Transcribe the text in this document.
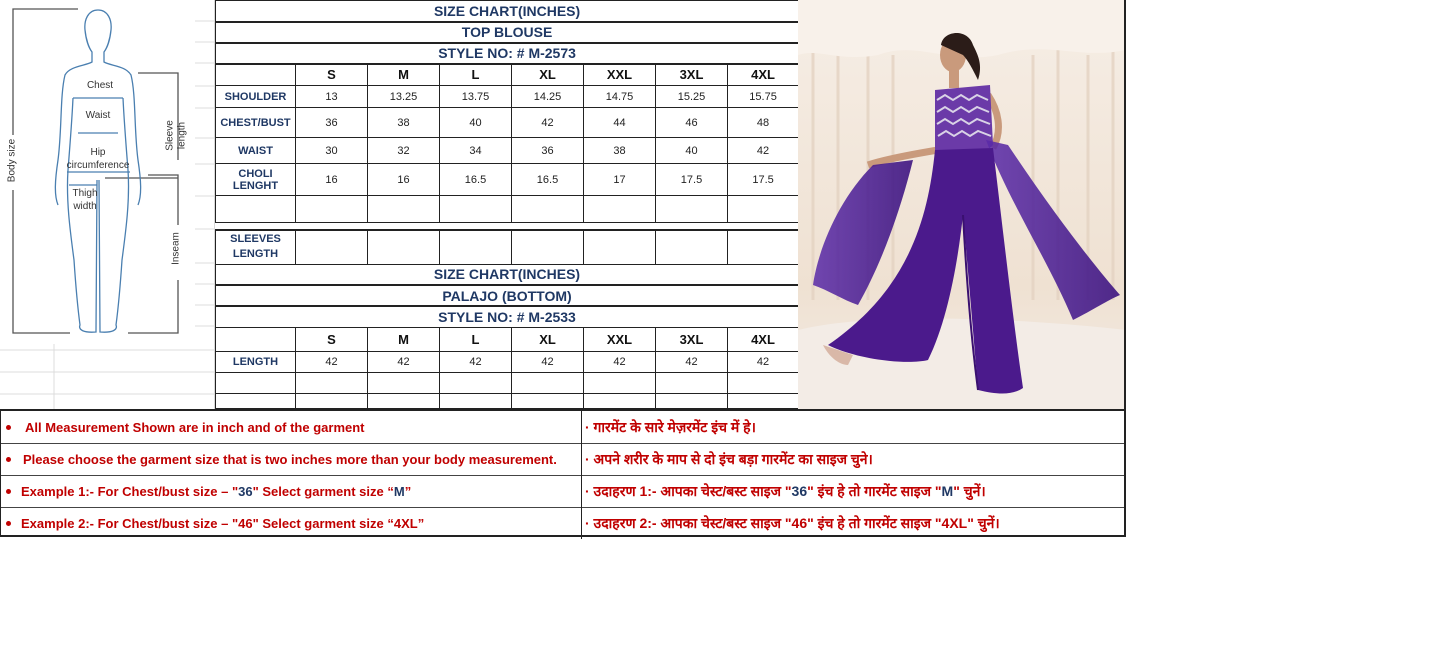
Chest
Waist
Hip
circumference
Thigh
width
Body size
Sleeve length
Inseam
SIZE CHART(INCHES)							
TOP BLOUSE							
STYLE NO: # M-2573							
	S	M	L	XL	XXL	3XL	4XL
SHOULDER	13	13.25	13.75	14.25	14.75	15.25	15.75
CHEST/BUST	36	38	40	42	44	46	48
WAIST	30	32	34	36	38	40	42
CHOLI LENGHT	16	16	16.5	16.5	17	17.5	17.5

SLEEVES
LENGTH							
SIZE CHART(INCHES)							
PALAJO (BOTTOM)							
STYLE NO: # M-2533							
	S	M	L	XL	XXL	3XL	4XL
LENGTH	42	42	42	42	42	42	42

All Measurement Shown are in inch and of the garment	· गारमेंट के सारे मेज़रमेंट इंच में हे।
Please choose the garment size that is two inches more than your body measurement. · अपने शरीर के माप से दो इंच बड़ा गारमेंट का साइज चुने।
Example 1:- For Chest/bust size – "36" Select garment size “M”	· उदाहरण 1:- आपका चेस्ट/बस्ट साइज " 36 " इंच हे तो गारमेंट साइज " M " चुनें।
Example 2:- For Chest/bust size – "46" Select garment size “4XL”	· उदाहरण 2:- आपका चेस्ट/बस्ट साइज " 46 " इंच हे तो गारमेंट साइज " 4XL " चुनें।
